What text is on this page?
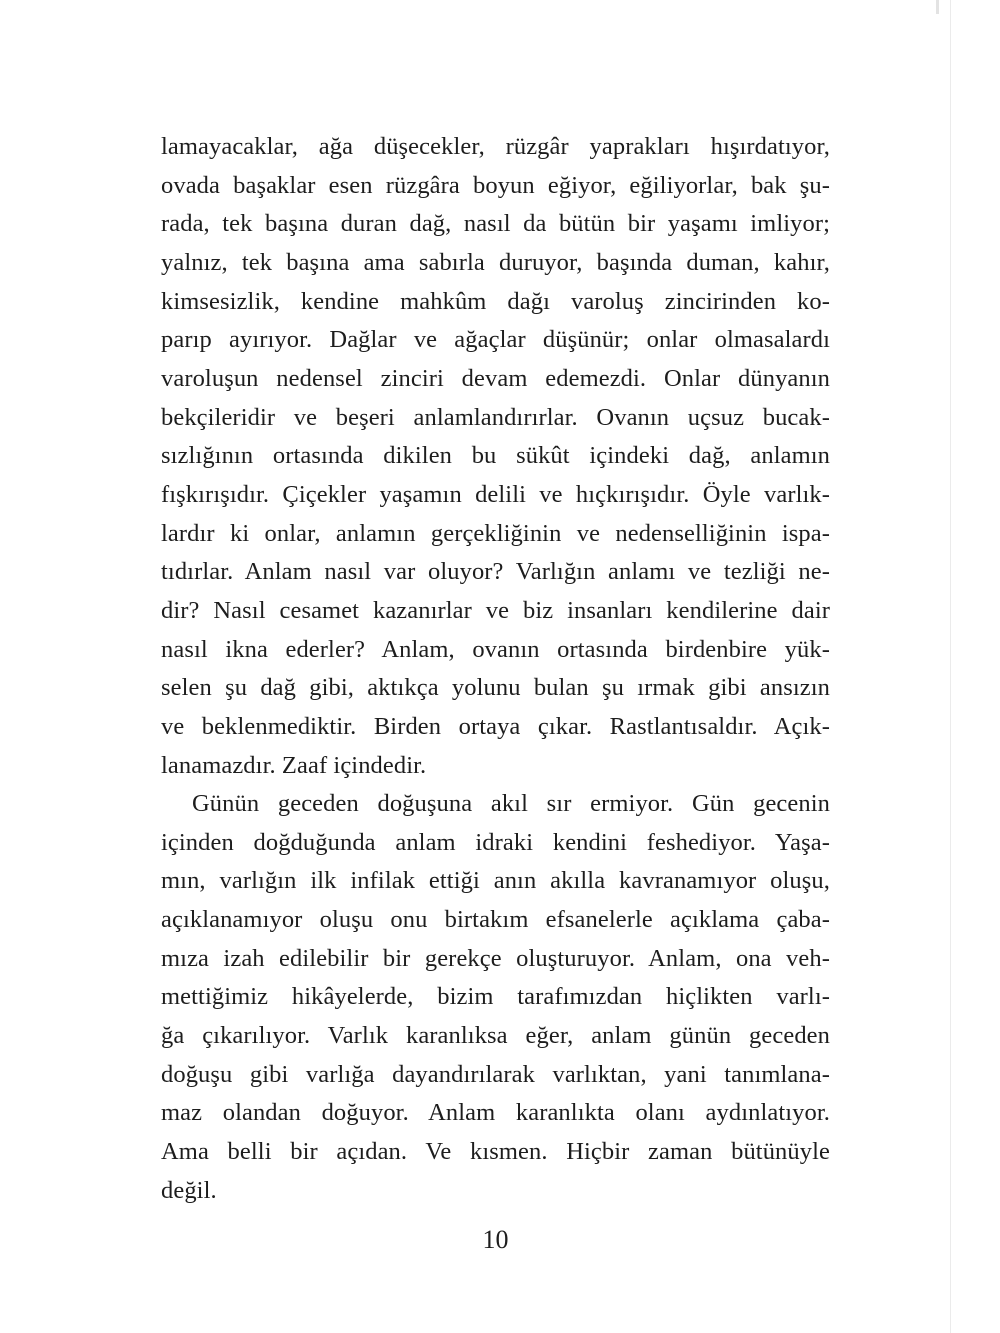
lamayacaklar, ağa düşecekler, rüzgâr yaprakları hışırdatıyor,
ovada başaklar esen rüzgâra boyun eğiyor, eğiliyorlar, bak şu-
rada, tek başına duran dağ, nasıl da bütün bir yaşamı imliyor;
yalnız, tek başına ama sabırla duruyor, başında duman, kahır,
kimsesizlik, kendine mahkûm dağı varoluş zincirinden ko-
parıp ayırıyor. Dağlar ve ağaçlar düşünür; onlar olmasalardı
varoluşun nedensel zinciri devam edemezdi. Onlar dünyanın
bekçileridir ve beşeri anlamlandırırlar. Ovanın uçsuz bucak-
sızlığının ortasında dikilen bu sükût içindeki dağ, anlamın
fışkırışıdır. Çiçekler yaşamın delili ve hıçkırışıdır. Öyle varlık-
lardır ki onlar, anlamın gerçekliğinin ve nedenselliğinin ispa-
tıdırlar. Anlam nasıl var oluyor? Varlığın anlamı ve tezliği ne-
dir? Nasıl cesamet kazanırlar ve biz insanları kendilerine dair
nasıl ikna ederler? Anlam, ovanın ortasında birdenbire yük-
selen şu dağ gibi, aktıkça yolunu bulan şu ırmak gibi ansızın
ve beklenmediktir. Birden ortaya çıkar. Rastlantısaldır. Açık-
lanamazdır. Zaaf içindedir.
Günün geceden doğuşuna akıl sır ermiyor. Gün gecenin
içinden doğduğunda anlam idraki kendini feshediyor. Yaşa-
mın, varlığın ilk infilak ettiği anın akılla kavranamıyor oluşu,
açıklanamıyor oluşu onu birtakım efsanelerle açıklama çaba-
mıza izah edilebilir bir gerekçe oluşturuyor. Anlam, ona veh-
mettiğimiz hikâyelerde, bizim tarafımızdan hiçlikten varlı-
ğa çıkarılıyor. Varlık karanlıksa eğer, anlam günün geceden
doğuşu gibi varlığa dayandırılarak varlıktan, yani tanımlana-
maz olandan doğuyor. Anlam karanlıkta olanı aydınlatıyor.
Ama belli bir açıdan. Ve kısmen. Hiçbir zaman bütünüyle
değil.
10
